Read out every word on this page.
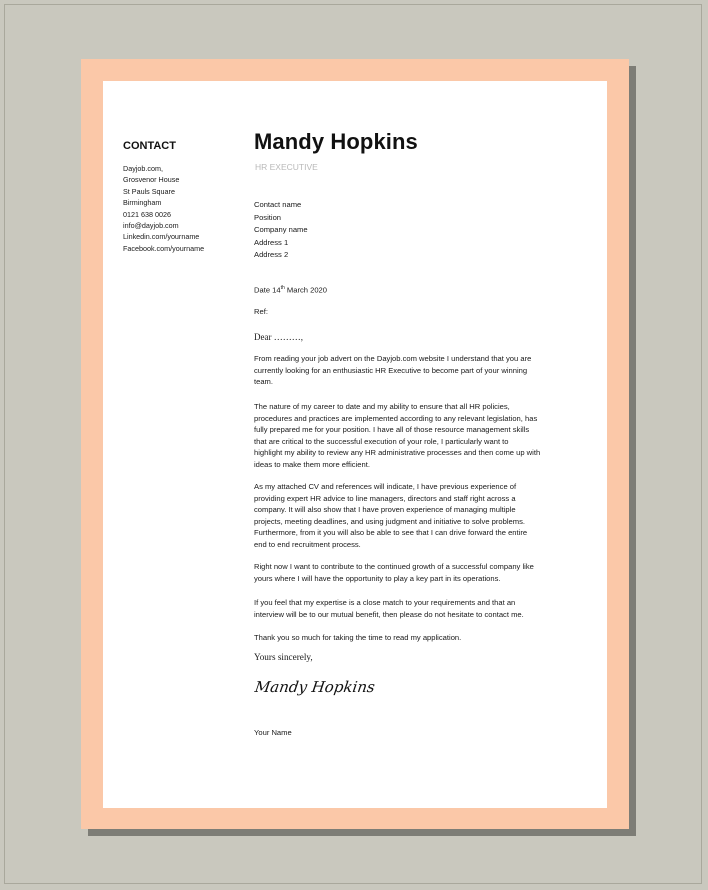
CONTACT
Dayjob.com,
Grosvenor House
St Pauls Square
Birmingham
0121 638 0026
info@dayjob.com
Linkedin.com/yourname
Facebook.com/yourname
Mandy Hopkins
HR EXECUTIVE
Contact name
Position
Company name
Address 1
Address 2
Date 14th March 2020
Ref:
Dear ………,
From reading your job advert on the Dayjob.com website I understand that you are
currently looking for an enthusiastic HR Executive to become part of your winning
team.
The nature of my career to date and my ability to ensure that all HR policies,
procedures and practices are implemented according to any relevant legislation, has
fully prepared me for your position. I have all of those resource management skills
that are critical to the successful execution of your role, I particularly want to
highlight my ability to review any HR administrative processes and then come up with
ideas to make them more efficient.
As my attached CV and references will indicate, I have previous experience of
providing expert HR advice to line managers, directors and staff right across a
company. It will also show that I have proven experience of managing multiple
projects, meeting deadlines, and using judgment and initiative to solve problems.
Furthermore, from it you will also be able to see that I can drive forward the entire
end to end recruitment process.
Right now I want to contribute to the continued growth of a successful company like
yours where I will have the opportunity to play a key part in its operations.
If you feel that my expertise is a close match to your requirements and that an
interview will be to our mutual benefit, then please do not hesitate to contact me.
Thank you so much for taking the time to read my application.
Yours sincerely,
Mandy Hopkins
Your Name
